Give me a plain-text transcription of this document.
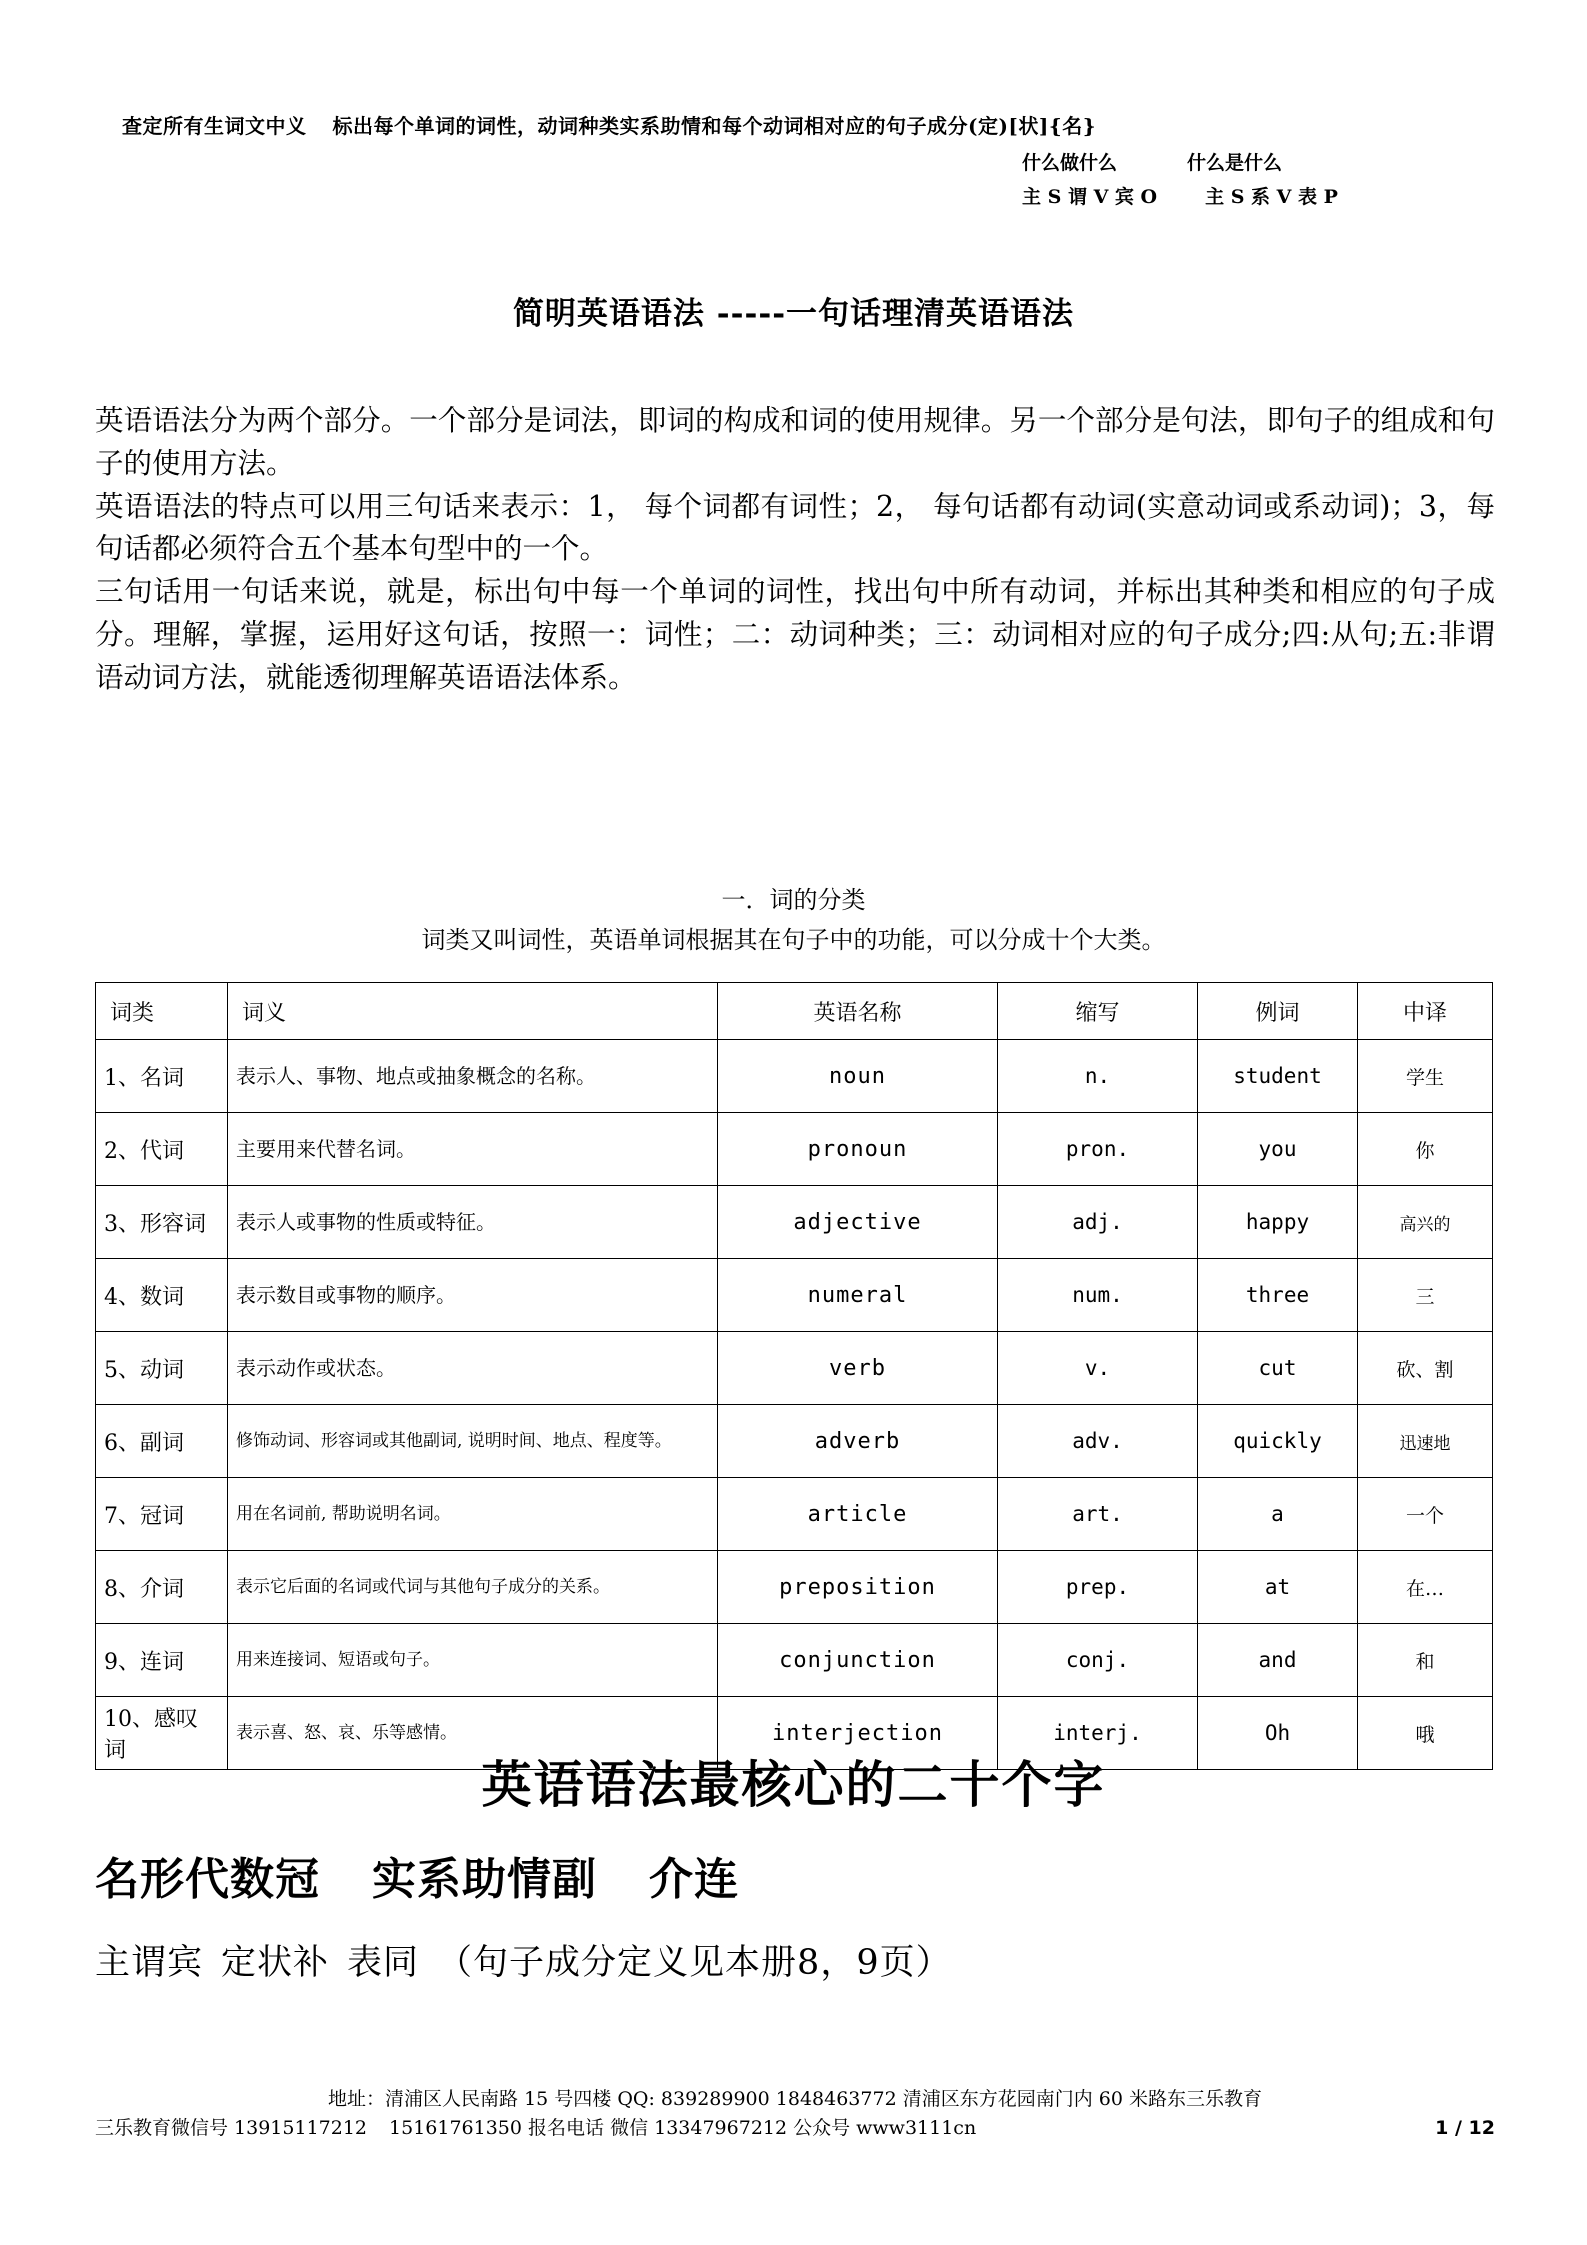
查定所有生词文中义 标出每个单词的词性，动词种类实系助情和每个动词相对应的句子成分(定)[状]{名}
什么做什么	什么是什么
主 S 谓 V 宾 O	主 S 系 V 表 P
简明英语语法 -----一句话理清英语语法

英语语法分为两个部分。一个部分是词法，即词的构成和词的使用规律。另一个部分是句法，即句子的组成和句子的使用方法。

英语语法的特点可以用三句话来表示：1， 每个词都有词性；2， 每句话都有动词(实意动词或系动词)；3，每句话都必须符合五个基本句型中的一个。

三句话用一句话来说，就是，标出句中每一个单词的词性，找出句中所有动词，并标出其种类和相应的句子成分。理解，掌握，运用好这句话，按照一：词性；二：动词种类；三：动词相对应的句子成分;四:从句;五:非谓语动词方法，就能透彻理解英语语法体系。

一．词的分类
词类又叫词性，英语单词根据其在句子中的功能，可以分成十个大类。
词类	词义	英语名称	缩写	例词	中译
1、名词	表示人、事物、地点或抽象概念的名称。	noun	n.	student	学生
2、代词	主要用来代替名词。	pronoun	pron.	you	你
3、形容词	表示人或事物的性质或特征。	adjective	adj.	happy	高兴的
4、数词	表示数目或事物的顺序。	numeral	num.	three	三
5、动词	表示动作或状态。	verb	v.	cut	砍、割
6、副词	修饰动词、形容词或其他副词, 说明时间、地点、程度等。	adverb	adv.	quickly	迅速地
7、冠词	用在名词前, 帮助说明名词。	article	art.	a	一个
8、介词	表示它后面的名词或代词与其他句子成分的关系。	preposition	prep.	at	在…
9、连词	用来连接词、短语或句子。	conjunction	conj.	and	和
10、感叹词	表示喜、怒、哀、乐等感情。	interjection	interj.	Oh	哦
英语语法最核心的二十个字
名形代数冠 实系助情副 介连
主谓宾 定状补 表同 （句子成分定义见本册8，9页）
地址：清浦区人民南路 15 号四楼 QQ: 839289900 1848463772 清浦区东方花园南门内 60 米路东三乐教育
三乐教育微信号 13915117212 15161761350 报名电话 微信 13347967212 公众号 www3111cn	1 / 12
